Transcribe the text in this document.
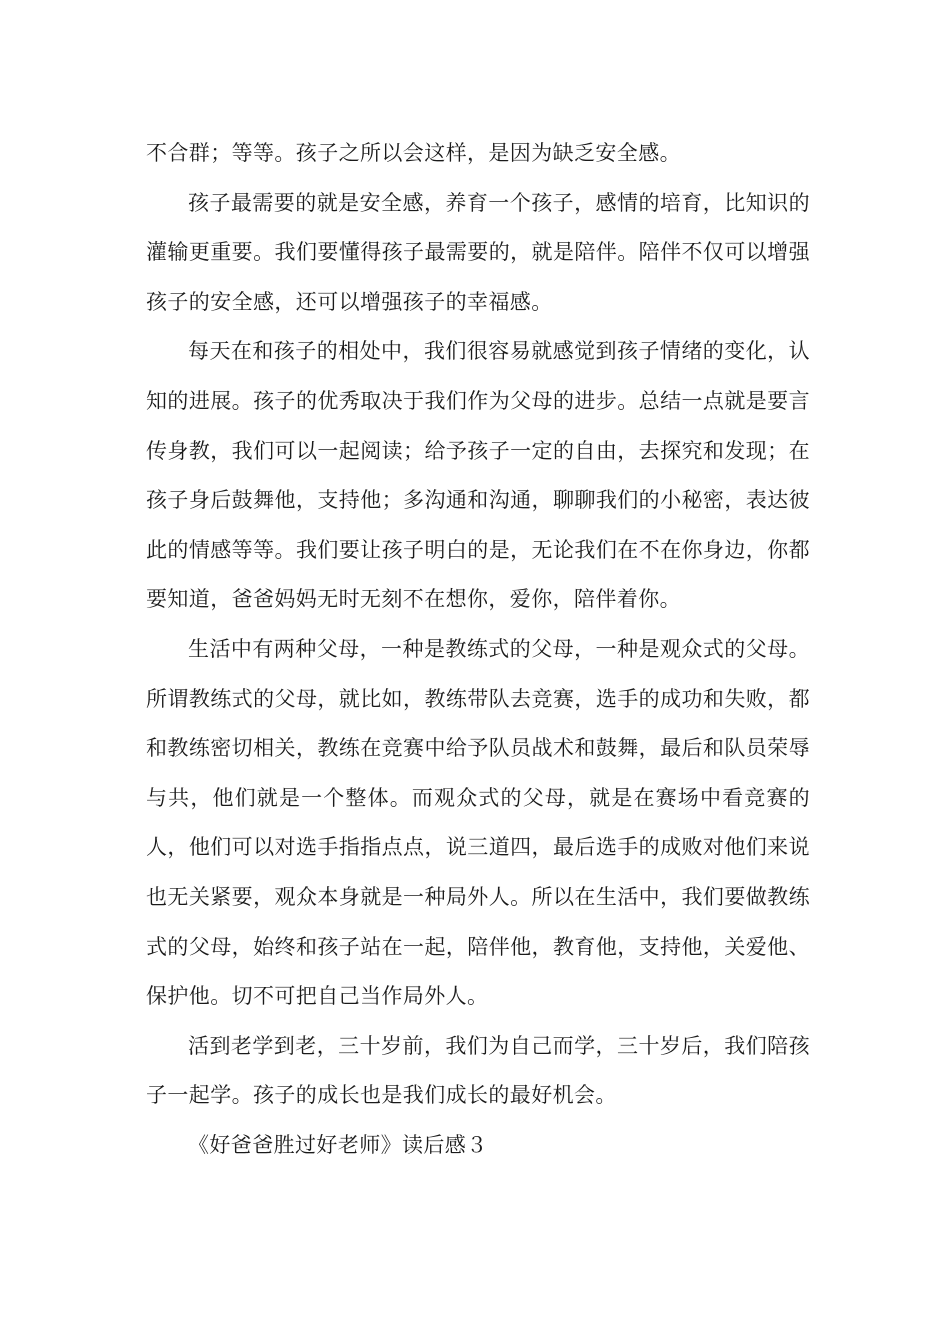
不合群；等等。孩子之所以会这样，是因为缺乏安全感。

孩子最需要的就是安全感，养育一个孩子，感情的培育，比知识的灌输更重要。我们要懂得孩子最需要的，就是陪伴。陪伴不仅可以增强孩子的安全感，还可以增强孩子的幸福感。

每天在和孩子的相处中，我们很容易就感觉到孩子情绪的变化，认知的进展。孩子的优秀取决于我们作为父母的进步。总结一点就是要言传身教，我们可以一起阅读；给予孩子一定的自由，去探究和发现；在孩子身后鼓舞他，支持他；多沟通和沟通，聊聊我们的小秘密，表达彼此的情感等等。我们要让孩子明白的是，无论我们在不在你身边，你都要知道，爸爸妈妈无时无刻不在想你，爱你，陪伴着你。

生活中有两种父母，一种是教练式的父母，一种是观众式的父母。所谓教练式的父母，就比如，教练带队去竞赛，选手的成功和失败，都和教练密切相关，教练在竞赛中给予队员战术和鼓舞，最后和队员荣辱与共，他们就是一个整体。而观众式的父母，就是在赛场中看竞赛的人，他们可以对选手指指点点，说三道四，最后选手的成败对他们来说也无关紧要，观众本身就是一种局外人。所以在生活中，我们要做教练式的父母，始终和孩子站在一起，陪伴他，教育他，支持他，关爱他、保护他。切不可把自己当作局外人。

活到老学到老，三十岁前，我们为自己而学，三十岁后，我们陪孩子一起学。孩子的成长也是我们成长的最好机会。

《好爸爸胜过好老师》读后感３
